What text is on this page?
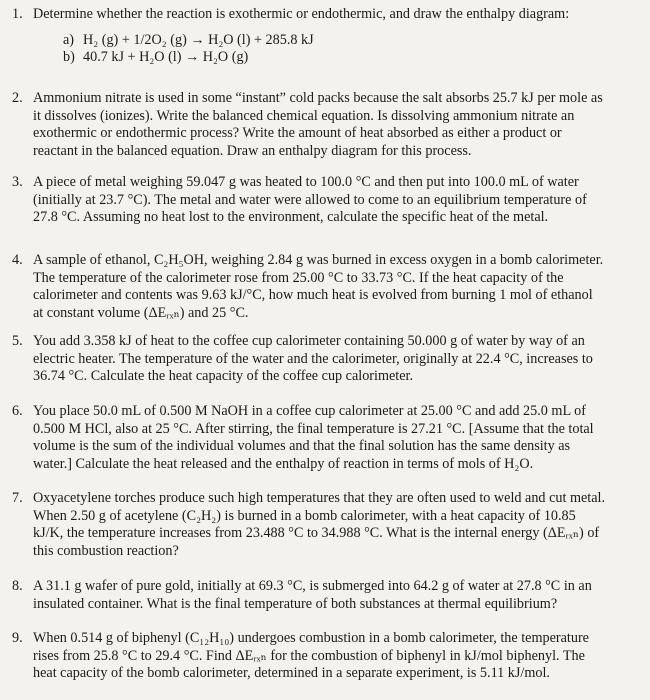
1. Determine whether the reaction is exothermic or endothermic, and draw the enthalpy diagram:
a) H₂ (g) + 1/2O₂ (g) → H₂O (l) + 285.8 kJ
b) 40.7 kJ + H₂O (l) → H₂O (g)
2. Ammonium nitrate is used in some “instant” cold packs because the salt absorbs 25.7 kJ per mole as
it dissolves (ionizes). Write the balanced chemical equation. Is dissolving ammonium nitrate an
exothermic or endothermic process? Write the amount of heat absorbed as either a product or
reactant in the balanced equation. Draw an enthalpy diagram for this process.
3. A piece of metal weighing 59.047 g was heated to 100.0 °C and then put into 100.0 mL of water
(initially at 23.7 °C). The metal and water were allowed to come to an equilibrium temperature of
27.8 °C. Assuming no heat lost to the environment, calculate the specific heat of the metal.
4. A sample of ethanol, C₂H₅OH, weighing 2.84 g was burned in excess oxygen in a bomb calorimeter.
The temperature of the calorimeter rose from 25.00 °C to 33.73 °C. If the heat capacity of the
calorimeter and contents was 9.63 kJ/°C, how much heat is evolved from burning 1 mol of ethanol
at constant volume (ΔEᵣₓₙ) and 25 °C.
5. You add 3.358 kJ of heat to the coffee cup calorimeter containing 50.000 g of water by way of an
electric heater. The temperature of the water and the calorimeter, originally at 22.4 °C, increases to
36.74 °C. Calculate the heat capacity of the coffee cup calorimeter.
6. You place 50.0 mL of 0.500 M NaOH in a coffee cup calorimeter at 25.00 °C and add 25.0 mL of
0.500 M HCl, also at 25 °C. After stirring, the final temperature is 27.21 °C. [Assume that the total
volume is the sum of the individual volumes and that the final solution has the same density as
water.] Calculate the heat released and the enthalpy of reaction in terms of mols of H₂O.
7. Oxyacetylene torches produce such high temperatures that they are often used to weld and cut metal.
When 2.50 g of acetylene (C₂H₂) is burned in a bomb calorimeter, with a heat capacity of 10.85
kJ/K, the temperature increases from 23.488 °C to 34.988 °C. What is the internal energy (ΔEᵣₓₙ) of
this combustion reaction?
8. A 31.1 g wafer of pure gold, initially at 69.3 °C, is submerged into 64.2 g of water at 27.8 °C in an
insulated container. What is the final temperature of both substances at thermal equilibrium?
9. When 0.514 g of biphenyl (C₁₂H₁₀) undergoes combustion in a bomb calorimeter, the temperature
rises from 25.8 °C to 29.4 °C. Find ΔEᵣₓₙ for the combustion of biphenyl in kJ/mol biphenyl. The
heat capacity of the bomb calorimeter, determined in a separate experiment, is 5.11 kJ/mol.
